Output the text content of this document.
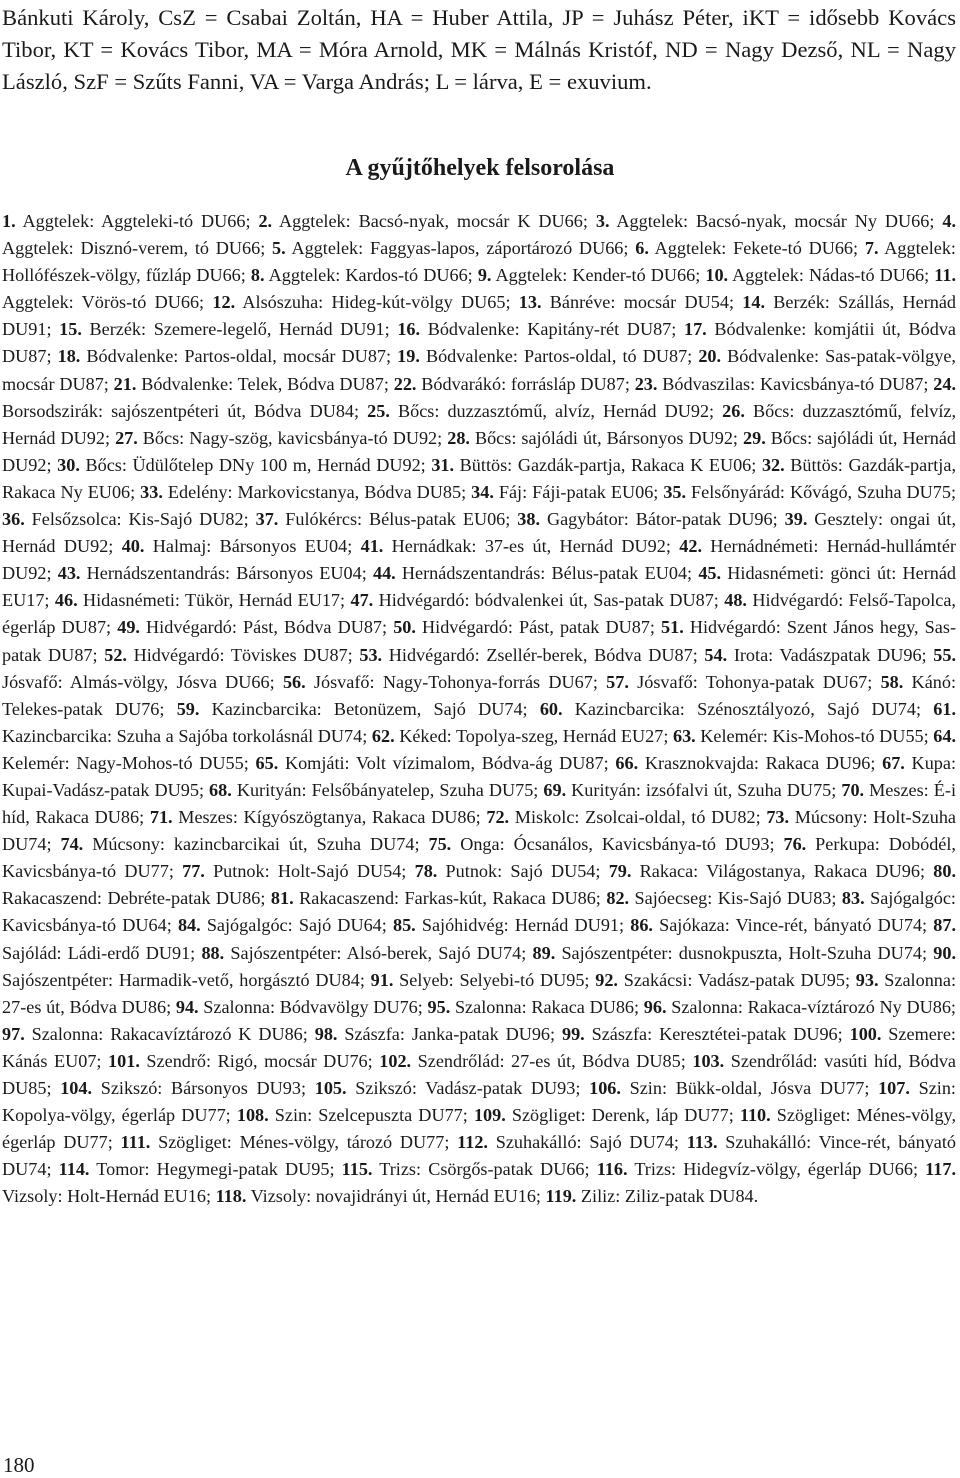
Bánkuti Károly, CsZ = Csabai Zoltán, HA = Huber Attila, JP = Juhász Péter, iKT = idősebb Kovács Tibor, KT = Kovács Tibor, MA = Móra Arnold, MK = Málnás Kristóf, ND = Nagy Dezső, NL = Nagy László, SzF = Szűts Fanni, VA = Varga András; L = lárva, E = exuvium.

A gyűjtőhelyek felsorolása

1. Aggtelek: Aggteleki-tó DU66; 2. Aggtelek: Bacsó-nyak, mocsár K DU66; 3. Aggtelek: Bacsó-nyak, mocsár Ny DU66; 4. Aggtelek: Disznó-verem, tó DU66; 5. Aggtelek: Faggyas-lapos, záportározó DU66; 6. Aggtelek: Fekete-tó DU66; 7. Aggtelek: Hollófészek-völgy, fűzláp DU66; 8. Aggtelek: Kardos-tó DU66; 9. Aggtelek: Kender-tó DU66; 10. Aggtelek: Nádas-tó DU66; 11. Aggtelek: Vörös-tó DU66; 12. Alsószuha: Hideg-kút-völgy DU65; 13. Bánréve: mocsár DU54; 14. Berzék: Szállás, Hernád DU91; 15. Berzék: Szemere-legelő, Hernád DU91; 16. Bódvalenke: Kapitány-rét DU87; 17. Bódvalenke: komjátii út, Bódva DU87; 18. Bódvalenke: Partos-oldal, mocsár DU87; 19. Bódvalenke: Partos-oldal, tó DU87; 20. Bódvalenke: Sas-patak-völgye, mocsár DU87; 21. Bódvalenke: Telek, Bódva DU87; 22. Bódvarákó: forrásláp DU87; 23. Bódvaszilas: Kavicsbánya-tó DU87; 24. Borsodszirák: sajószentpéteri út, Bódva DU84; 25. Bőcs: duzzasztómű, alvíz, Hernád DU92; 26. Bőcs: duzzasztómű, felvíz, Hernád DU92; 27. Bőcs: Nagy-szög, kavicsbánya-tó DU92; 28. Bőcs: sajóládi út, Bársonyos DU92; 29. Bőcs: sajóládi út, Hernád DU92; 30. Bőcs: Üdülőtelep DNy 100 m, Hernád DU92; 31. Büttös: Gazdák-partja, Rakaca K EU06; 32. Büttös: Gazdák-partja, Rakaca Ny EU06; 33. Edelény: Markovicstanya, Bódva DU85; 34. Fáj: Fáji-patak EU06; 35. Felsőnyárád: Kővágó, Szuha DU75; 36. Felsőzsolca: Kis-Sajó DU82; 37. Fulókércs: Bélus-patak EU06; 38. Gagybátor: Bátor-patak DU96; 39. Gesztely: ongai út, Hernád DU92; 40. Halmaj: Bársonyos EU04; 41. Hernádkak: 37-es út, Hernád DU92; 42. Hernádnémeti: Hernád-hullámtér DU92; 43. Hernádszentandrás: Bársonyos EU04; 44. Hernádszentandrás: Bélus-patak EU04; 45. Hidasnémeti: gönci út: Hernád EU17; 46. Hidasnémeti: Tükör, Hernád EU17; 47. Hidvégardó: bódvalenkei út, Sas-patak DU87; 48. Hidvégardó: Felső-Tapolca, égerláp DU87; 49. Hidvégardó: Pást, Bódva DU87; 50. Hidvégardó: Pást, patak DU87; 51. Hidvégardó: Szent János hegy, Sas-patak DU87; 52. Hidvégardó: Töviskes DU87; 53. Hidvégardó: Zsellér-berek, Bódva DU87; 54. Irota: Vadászpatak DU96; 55. Jósvafő: Almás-völgy, Jósva DU66; 56. Jósvafő: Nagy-Tohonya-forrás DU67; 57. Jósvafő: Tohonya-patak DU67; 58. Kánó: Telekes-patak DU76; 59. Kazincbarcika: Betonüzem, Sajó DU74; 60. Kazincbarcika: Szénosztályozó, Sajó DU74; 61. Kazincbarcika: Szuha a Sajóba torkolásnál DU74; 62. Kéked: Topolya-szeg, Hernád EU27; 63. Kelemér: Kis-Mohos-tó DU55; 64. Kelemér: Nagy-Mohos-tó DU55; 65. Komjáti: Volt vízimalom, Bódva-ág DU87; 66. Krasznokvajda: Rakaca DU96; 67. Kupa: Kupai-Vadász-patak DU95; 68. Kurityán: Felsőbányatelep, Szuha DU75; 69. Kurityán: izsófalvi út, Szuha DU75; 70. Meszes: É-i híd, Rakaca DU86; 71. Meszes: Kígyószögtanya, Rakaca DU86; 72. Miskolc: Zsolcai-oldal, tó DU82; 73. Múcsony: Holt-Szuha DU74; 74. Múcsony: kazincbarcikai út, Szuha DU74; 75. Onga: Ócsanálos, Kavicsbánya-tó DU93; 76. Perkupa: Dobódél, Kavicsbánya-tó DU77; 77. Putnok: Holt-Sajó DU54; 78. Putnok: Sajó DU54; 79. Rakaca: Világostanya, Rakaca DU96; 80. Rakacaszend: Debréte-patak DU86; 81. Rakacaszend: Farkas-kút, Rakaca DU86; 82. Sajóecseg: Kis-Sajó DU83; 83. Sajógalgóc: Kavicsbánya-tó DU64; 84. Sajógalgóc: Sajó DU64; 85. Sajóhidvég: Hernád DU91; 86. Sajókaza: Vince-rét, bányató DU74; 87. Sajólád: Ládi-erdő DU91; 88. Sajószentpéter: Alsó-berek, Sajó DU74; 89. Sajószentpéter: dusnokpuszta, Holt-Szuha DU74; 90. Sajószentpéter: Harmadik-vető, horgásztó DU84; 91. Selyeb: Selyebi-tó DU95; 92. Szakácsi: Vadász-patak DU95; 93. Szalonna: 27-es út, Bódva DU86; 94. Szalonna: Bódvavölgy DU76; 95. Szalonna: Rakaca DU86; 96. Szalonna: Rakaca-víztározó Ny DU86; 97. Szalonna: Rakacavíztározó K DU86; 98. Szászfa: Janka-patak DU96; 99. Szászfa: Keresztétei-patak DU96; 100. Szemere: Kánás EU07; 101. Szendrő: Rigó, mocsár DU76; 102. Szendrőlád: 27-es út, Bódva DU85; 103. Szendrőlád: vasúti híd, Bódva DU85; 104. Szikszó: Bársonyos DU93; 105. Szikszó: Vadász-patak DU93; 106. Szin: Bükk-oldal, Jósva DU77; 107. Szin: Kopolya-völgy, égerláp DU77; 108. Szin: Szelcepuszta DU77; 109. Szögliget: Derenk, láp DU77; 110. Szögliget: Ménes-völgy, égerláp DU77; 111. Szögliget: Ménes-völgy, tározó DU77; 112. Szuhakálló: Sajó DU74; 113. Szuhakálló: Vince-rét, bányató DU74; 114. Tomor: Hegymegi-patak DU95; 115. Trizs: Csörgős-patak DU66; 116. Trizs: Hidegvíz-völgy, égerláp DU66; 117. Vizsoly: Holt-Hernád EU16; 118. Vizsoly: novajidrányi út, Hernád EU16; 119. Ziliz: Ziliz-patak DU84.

180
